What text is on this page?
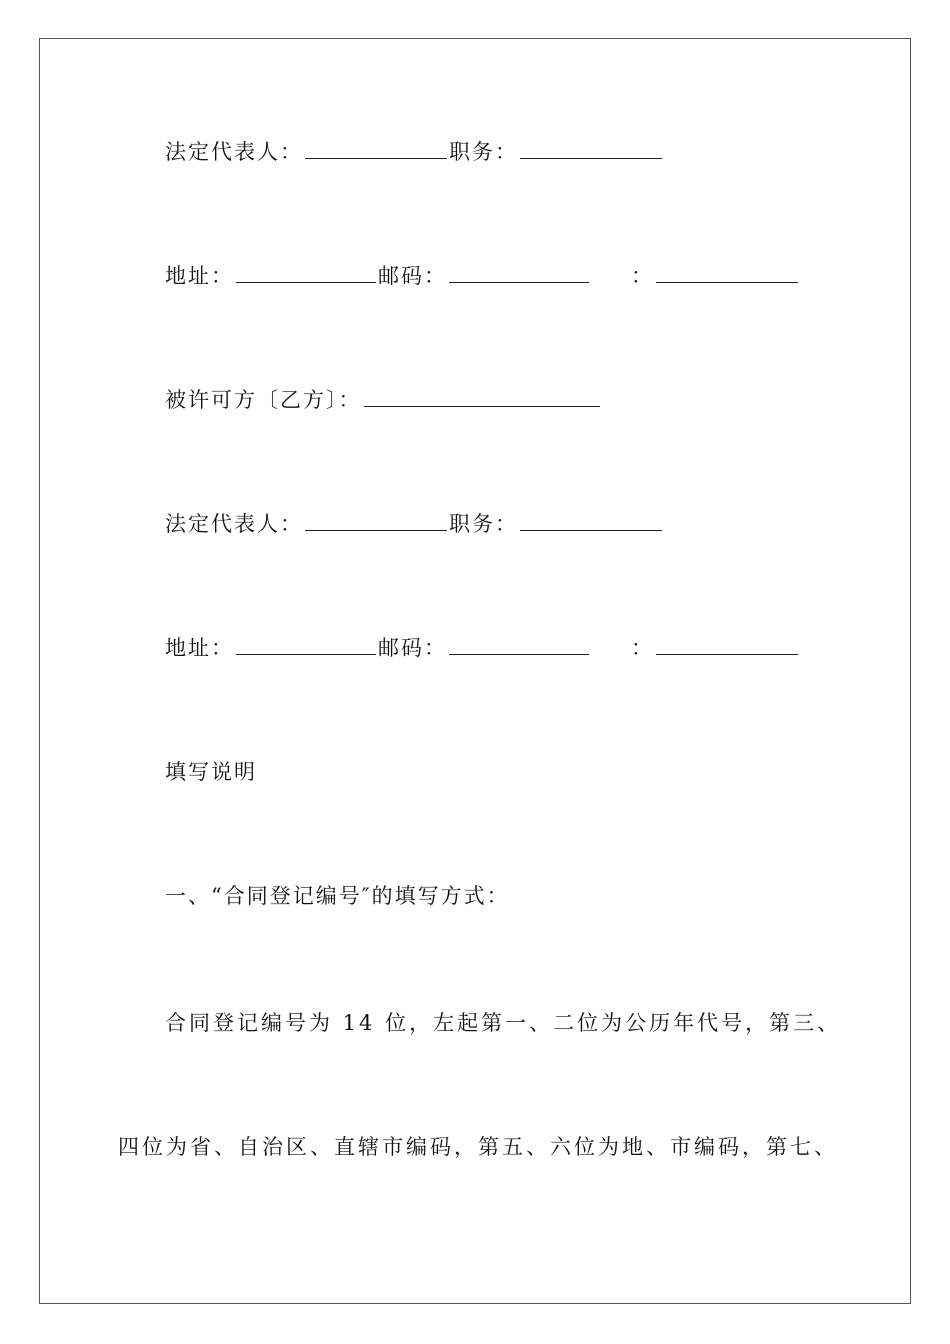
法定代表人：	职务：
地址：	邮码：	：
被许可方〔乙方〕：
法定代表人：	职务：
地址：	邮码：	：
填写说明
一、“合同登记编号″的填写方式：
合同登记编号为 14 位，左起第一、二位为公历年代号，第三、
四位为省、自治区、直辖市编码，第五、六位为地、市编码，第七、
